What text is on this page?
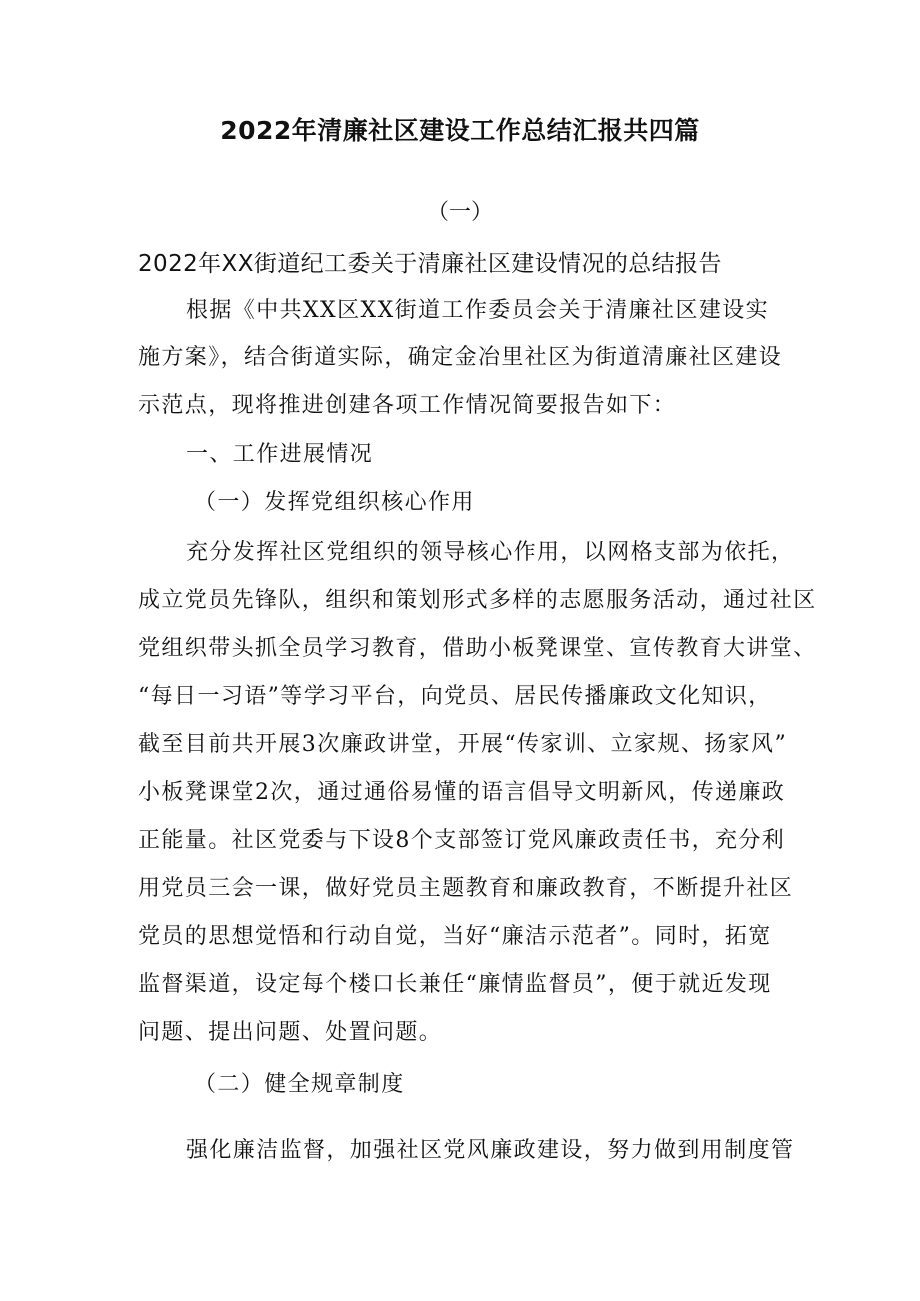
2022年清廉社区建设工作总结汇报共四篇
（一）
2022年XX街道纪工委关于清廉社区建设情况的总结报告
根据《中共XX区XX街道工作委员会关于清廉社区建设实
施方案》，结合街道实际，确定金冶里社区为街道清廉社区建设
示范点，现将推进创建各项工作情况简要报告如下：
一、工作进展情况
（一）发挥党组织核心作用
充分发挥社区党组织的领导核心作用，以网格支部为依托，
成立党员先锋队，组织和策划形式多样的志愿服务活动，通过社区
党组织带头抓全员学习教育，借助小板凳课堂、宣传教育大讲堂、
“每日一习语”等学习平台，向党员、居民传播廉政文化知识，
截至目前共开展3次廉政讲堂，开展“传家训、立家规、扬家风”
小板凳课堂2次，通过通俗易懂的语言倡导文明新风，传递廉政
正能量。社区党委与下设8个支部签订党风廉政责任书，充分利
用党员三会一课，做好党员主题教育和廉政教育，不断提升社区
党员的思想觉悟和行动自觉，当好“廉洁示范者”。同时，拓宽
监督渠道，设定每个楼口长兼任“廉情监督员”，便于就近发现
问题、提出问题、处置问题。
（二）健全规章制度
强化廉洁监督，加强社区党风廉政建设，努力做到用制度管
